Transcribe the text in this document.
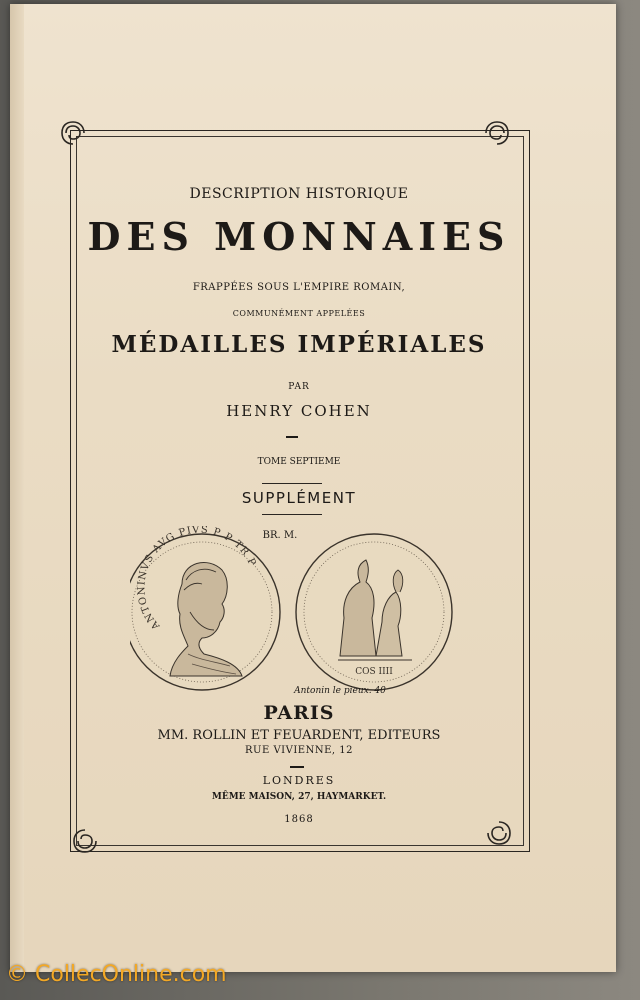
DESCRIPTION HISTORIQUE
DES MONNAIES
FRAPPÉES SOUS L'EMPIRE ROMAIN,
COMMUNÉMENT APPELÉES
MÉDAILLES IMPÉRIALES
PAR
HENRY COHEN
TOME SEPTIEME
SUPPLÉMENT
BR. M.
ANTONINVS AVG PIVS P P TR P
COS IIII
Antonin le pieux. 40
PARIS
MM. ROLLIN ET FEUARDENT, EDITEURS
RUE VIVIENNE, 12
LONDRES
MÊME MAISON, 27, HAYMARKET.
1868
© CollecOnline.com
